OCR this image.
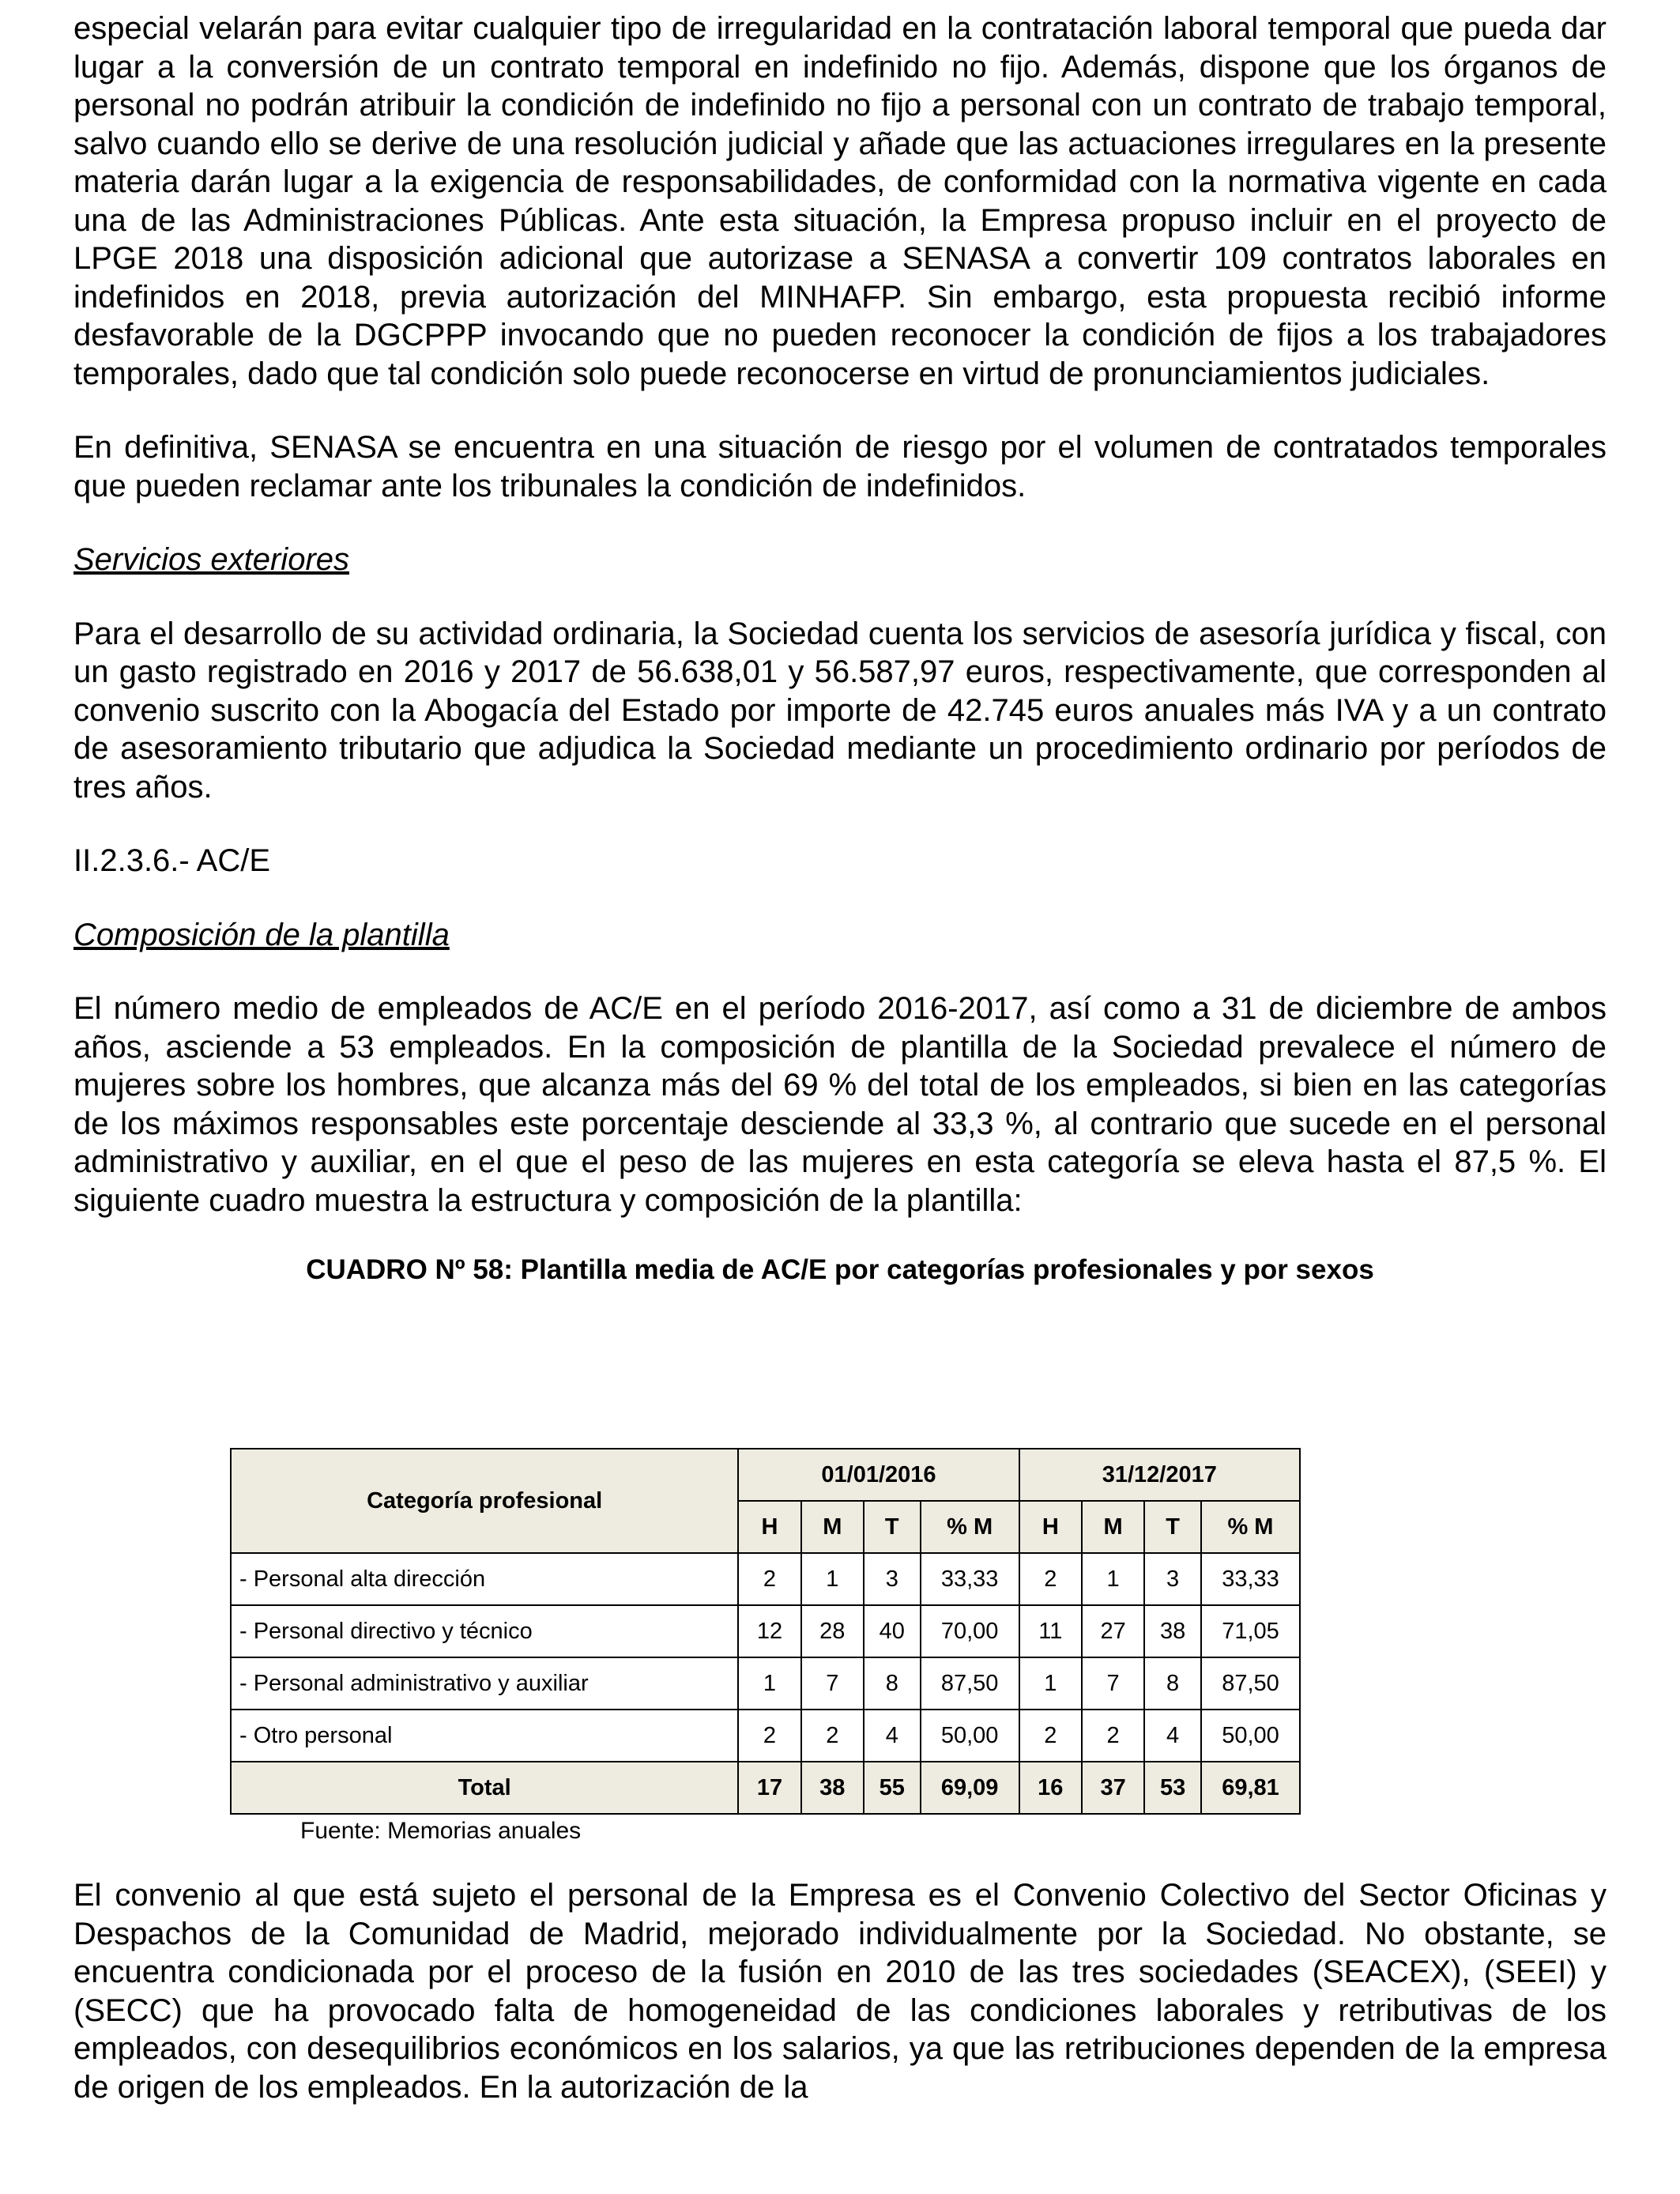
especial velarán para evitar cualquier tipo de irregularidad en la contratación laboral temporal que pueda dar lugar a la conversión de un contrato temporal en indefinido no fijo. Además, dispone que los órganos de personal no podrán atribuir la condición de indefinido no fijo a personal con un contrato de trabajo temporal, salvo cuando ello se derive de una resolución judicial y añade que las actuaciones irregulares en la presente materia darán lugar a la exigencia de responsabilidades, de conformidad con la normativa vigente en cada una de las Administraciones Públicas. Ante esta situación, la Empresa propuso incluir en el proyecto de LPGE 2018 una disposición adicional que autorizase a SENASA a convertir 109 contratos laborales en indefinidos en 2018, previa autorización del MINHAFP. Sin embargo, esta propuesta recibió informe desfavorable de la DGCPPP invocando que no pueden reconocer la condición de fijos a los trabajadores temporales, dado que tal condición solo puede reconocerse en virtud de pronunciamientos judiciales.

En definitiva, SENASA se encuentra en una situación de riesgo por el volumen de contratados temporales que pueden reclamar ante los tribunales la condición de indefinidos.

Servicios exteriores

Para el desarrollo de su actividad ordinaria, la Sociedad cuenta los servicios de asesoría jurídica y fiscal, con un gasto registrado en 2016 y 2017 de 56.638,01 y 56.587,97 euros, respectivamente, que corresponden al convenio suscrito con la Abogacía del Estado por importe de 42.745 euros anuales más IVA y a un contrato de asesoramiento tributario que adjudica la Sociedad mediante un procedimiento ordinario por períodos de tres años.

II.2.3.6.- AC/E

Composición de la plantilla

El número medio de empleados de AC/E en el período 2016-2017, así como a 31 de diciembre de ambos años, asciende a 53 empleados. En la composición de plantilla de la Sociedad prevalece el número de mujeres sobre los hombres, que alcanza más del 69 % del total de los empleados, si bien en las categorías de los máximos responsables este porcentaje desciende al 33,3 %, al contrario que sucede en el personal administrativo y auxiliar, en el que el peso de las mujeres en esta categoría se eleva hasta el 87,5 %. El siguiente cuadro muestra la estructura y composición de la plantilla:

CUADRO Nº 58: Plantilla media de AC/E por categorías profesionales y por sexos

Categoría profesional	01/01/2016				31/12/2017			
	H	M	T	% M	H	M	T	% M
- Personal alta dirección	2	1	3	33,33	2	1	3	33,33
- Personal directivo y técnico	12	28	40	70,00	11	27	38	71,05
- Personal administrativo y auxiliar	1	7	8	87,50	1	7	8	87,50
- Otro personal	2	2	4	50,00	2	2	4	50,00
Total	17	38	55	69,09	16	37	53	69,81
Fuente: Memorias anuales

El convenio al que está sujeto el personal de la Empresa es el Convenio Colectivo del Sector Oficinas y Despachos de la Comunidad de Madrid, mejorado individualmente por la Sociedad. No obstante, se encuentra condicionada por el proceso de la fusión en 2010 de las tres sociedades (SEACEX), (SEEI) y (SECC) que ha provocado falta de homogeneidad de las condiciones laborales y retributivas de los empleados, con desequilibrios económicos en los salarios, ya que las retribuciones dependen de la empresa de origen de los empleados. En la autorización de la
